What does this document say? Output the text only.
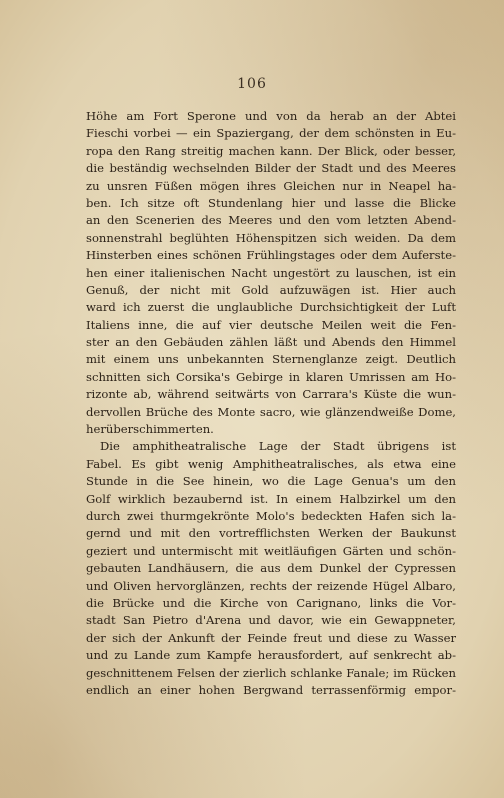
106
Höhe am Fort Sperone und von da herab an der Abtei
Fieschi vorbei — ein Spaziergang, der dem schönsten in Eu-
ropa den Rang streitig machen kann. Der Blick, oder besser,
die beständig wechselnden Bilder der Stadt und des Meeres
zu unsren Füßen mögen ihres Gleichen nur in Neapel ha-
ben. Ich sitze oft Stundenlang hier und lasse die Blicke
an den Scenerien des Meeres und den vom letzten Abend-
sonnenstrahl beglühten Höhenspitzen sich weiden. Da dem
Hinsterben eines schönen Frühlingstages oder dem Auferste-
hen einer italienischen Nacht ungestört zu lauschen, ist ein
Genuß, der nicht mit Gold aufzuwägen ist. Hier auch
ward ich zuerst die unglaubliche Durchsichtigkeit der Luft
Italiens inne, die auf vier deutsche Meilen weit die Fen-
ster an den Gebäuden zählen läßt und Abends den Himmel
mit einem uns unbekannten Sternenglanze zeigt. Deutlich
schnitten sich Corsika's Gebirge in klaren Umrissen am Ho-
rizonte ab, während seitwärts von Carrara's Küste die wun-
dervollen Brüche des Monte sacro, wie glänzendweiße Dome,
herüberschimmerten.
Die amphitheatralische Lage der Stadt übrigens ist
Fabel. Es gibt wenig Amphitheatralisches, als etwa eine
Stunde in die See hinein, wo die Lage Genua's um den
Golf wirklich bezaubernd ist. In einem Halbzirkel um den
durch zwei thurmgekrönte Molo's bedeckten Hafen sich la-
gernd und mit den vortrefflichsten Werken der Baukunst
geziert und untermischt mit weitläufigen Gärten und schön-
gebauten Landhäusern, die aus dem Dunkel der Cypressen
und Oliven hervorglänzen, rechts der reizende Hügel Albaro,
die Brücke und die Kirche von Carignano, links die Vor-
stadt San Pietro d'Arena und davor, wie ein Gewappneter,
der sich der Ankunft der Feinde freut und diese zu Wasser
und zu Lande zum Kampfe herausfordert, auf senkrecht ab-
geschnittenem Felsen der zierlich schlanke Fanale; im Rücken
endlich an einer hohen Bergwand terrassenförmig empor-
